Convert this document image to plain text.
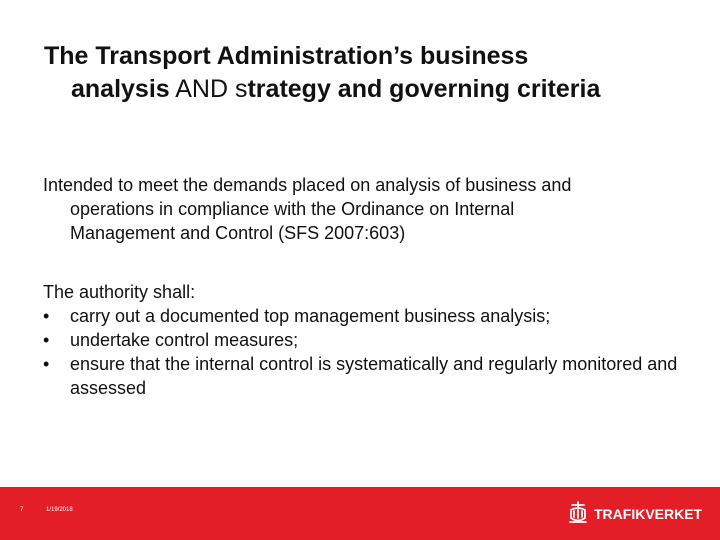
The Transport Administration’s business
analysis AND strategy and governing criteria
Intended to meet the demands placed on analysis of business and
operations in compliance with the Ordinance on Internal
Management and Control (SFS 2007:603)
The authority shall:
•	carry out a documented top management business analysis;
•	undertake control measures;
•	ensure that the internal control is systematically and regularly monitored and assessed
7	1/19/2018	TRAFIKVERKET
